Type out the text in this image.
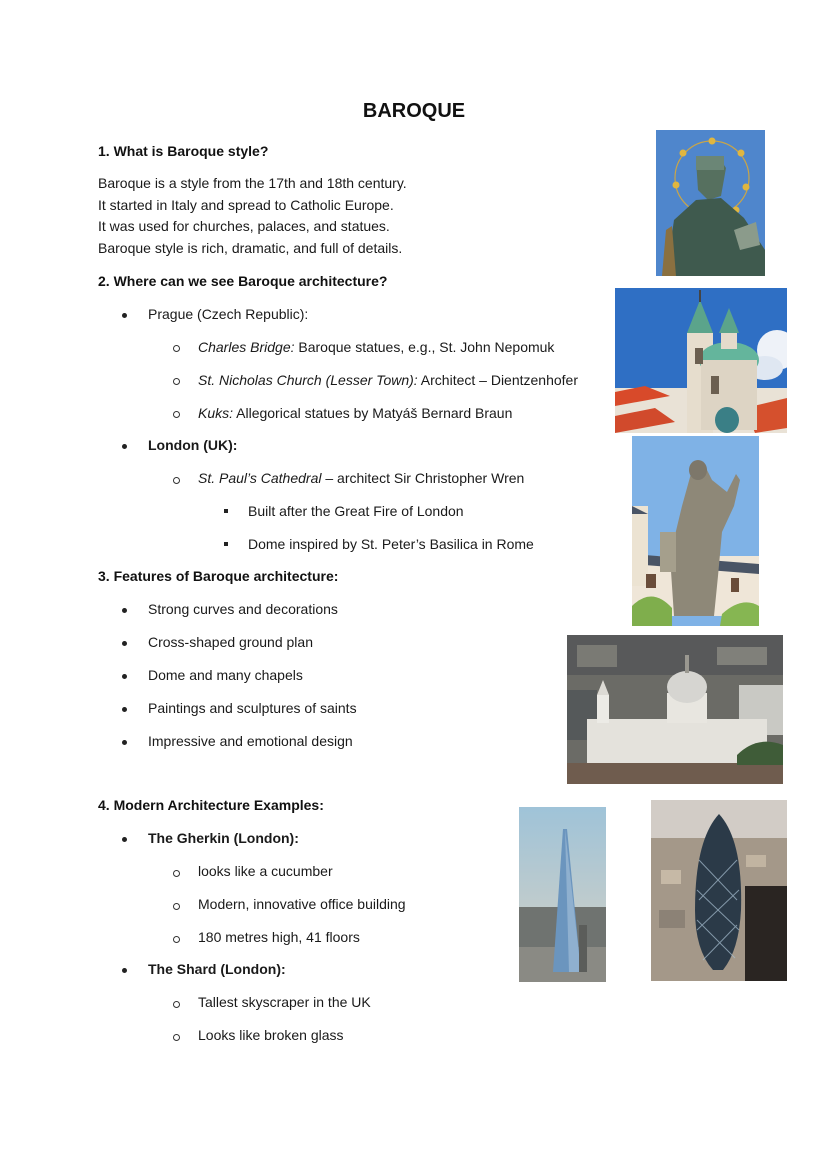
BAROQUE
1. What is Baroque style?
Baroque is a style from the 17th and 18th century.
It started in Italy and spread to Catholic Europe.
It was used for churches, palaces, and statues.
Baroque style is rich, dramatic, and full of details.
2. Where can we see Baroque architecture?
Prague (Czech Republic):
Charles Bridge: Baroque statues, e.g., St. John Nepomuk
St. Nicholas Church (Lesser Town): Architect – Dientzenhofer
Kuks: Allegorical statues by Matyáš Bernard Braun
London (UK):
St. Paul’s Cathedral – architect Sir Christopher Wren
Built after the Great Fire of London
Dome inspired by St. Peter’s Basilica in Rome
3. Features of Baroque architecture:
Strong curves and decorations
Cross-shaped ground plan
Dome and many chapels
Paintings and sculptures of saints
Impressive and emotional design
4. Modern Architecture Examples:
The Gherkin (London):
looks like a cucumber
Modern, innovative office building
180 metres high, 41 floors
The Shard (London):
Tallest skyscraper in the UK
Looks like broken glass
